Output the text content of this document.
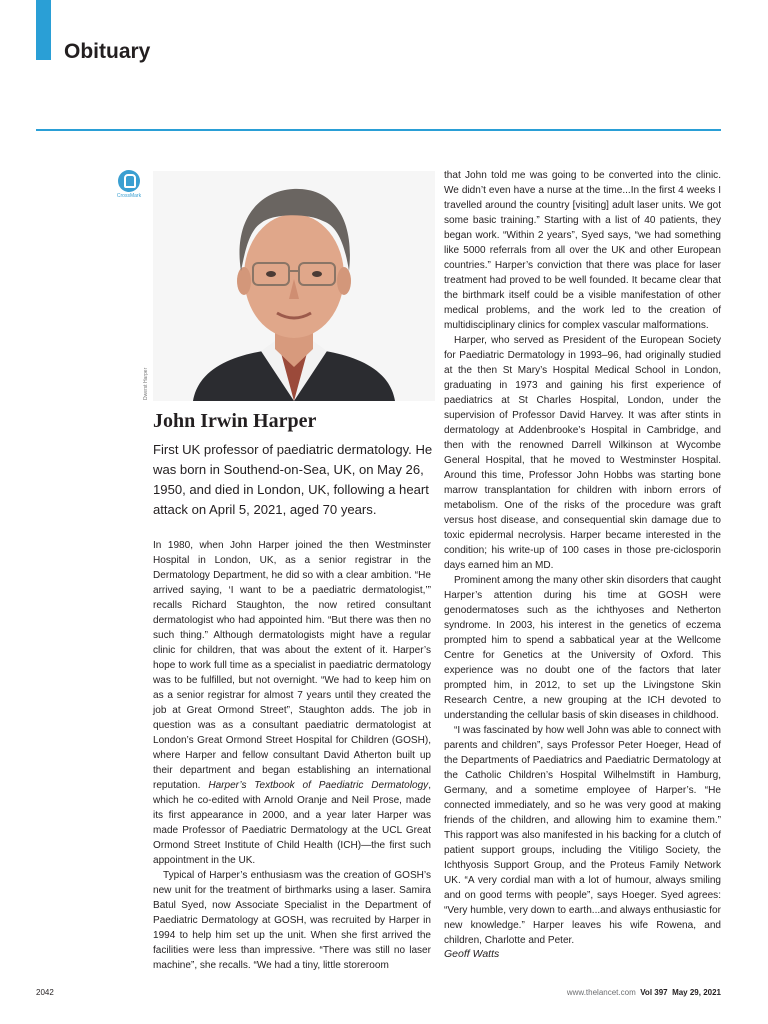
Obituary
CrossMark
Dwerst Harper
John Irwin Harper

First UK professor of paediatric dermatology. He was born in Southend-on-Sea, UK, on May 26, 1950, and died in London, UK, following a heart attack on April 5, 2021, aged 70 years.

In 1980, when John Harper joined the then Westminster Hospital in London, UK, as a senior registrar in the Dermatology Department, he did so with a clear ambition. “He arrived saying, ‘I want to be a paediatric dermatologist,’” recalls Richard Staughton, the now retired consultant dermatologist who had appointed him. “But there was then no such thing.” Although dermatologists might have a regular clinic for children, that was about the extent of it. Harper’s hope to work full time as a specialist in paediatric dermatology was to be fulfilled, but not overnight. “We had to keep him on as a senior registrar for almost 7 years until they created the job at Great Ormond Street”, Staughton adds. The job in question was as a consultant paediatric dermatologist at London’s Great Ormond Street Hospital for Children (GOSH), where Harper and fellow consultant David Atherton built up their department and began establishing an international reputation. Harper’s Textbook of Paediatric Dermatology, which he co-edited with Arnold Oranje and Neil Prose, made its first appearance in 2000, and a year later Harper was made Professor of Paediatric Dermatology at the UCL Great Ormond Street Institute of Child Health (ICH)—the first such appointment in the UK.

Typical of Harper’s enthusiasm was the creation of GOSH’s new unit for the treatment of birthmarks using a laser. Samira Batul Syed, now Associate Specialist in the Department of Paediatric Dermatology at GOSH, was recruited by Harper in 1994 to help him set up the unit. When she first arrived the facilities were less than impressive. “There was still no laser machine”, she recalls. “We had a tiny, little storeroom

that John told me was going to be converted into the clinic. We didn’t even have a nurse at the time...In the first 4 weeks I travelled around the country [visiting] adult laser units. We got some basic training.” Starting with a list of 40 patients, they began work. “Within 2 years”, Syed says, “we had something like 5000 referrals from all over the UK and other European countries.” Harper’s conviction that there was place for laser treatment had proved to be well founded. It became clear that the birthmark itself could be a visible manifestation of other medical problems, and the work led to the creation of multidisciplinary clinics for complex vascular malformations.

Harper, who served as President of the European Society for Paediatric Dermatology in 1993–96, had originally studied at the then St Mary’s Hospital Medical School in London, graduating in 1973 and gaining his first experience of paediatrics at St Charles Hospital, London, under the supervision of Professor David Harvey. It was after stints in dermatology at Addenbrooke’s Hospital in Cambridge, and then with the renowned Darrell Wilkinson at Wycombe General Hospital, that he moved to Westminster Hospital. Around this time, Professor John Hobbs was starting bone marrow transplantation for children with inborn errors of metabolism. One of the risks of the procedure was graft versus host disease, and consequential skin damage due to toxic epidermal necrolysis. Harper became interested in the condition; his write-up of 100 cases in those pre-ciclosporin days earned him an MD.

Prominent among the many other skin disorders that caught Harper’s attention during his time at GOSH were genodermatoses such as the ichthyoses and Netherton syndrome. In 2003, his interest in the genetics of eczema prompted him to spend a sabbatical year at the Wellcome Centre for Genetics at the University of Oxford. This experience was no doubt one of the factors that later prompted him, in 2012, to set up the Livingstone Skin Research Centre, a new grouping at the ICH devoted to understanding the cellular basis of skin diseases in childhood.

“I was fascinated by how well John was able to connect with parents and children”, says Professor Peter Hoeger, Head of the Departments of Paediatrics and Paediatric Dermatology at the Catholic Children’s Hospital Wilhelmstift in Hamburg, Germany, and a sometime employee of Harper’s. “He connected immediately, and so he was very good at making friends of the children, and allowing him to examine them.” This rapport was also manifested in his backing for a clutch of patient support groups, including the Vitiligo Society, the Ichthyosis Support Group, and the Proteus Family Network UK. “A very cordial man with a lot of humour, always smiling and on good terms with people”, says Hoeger. Syed agrees: “Very humble, very down to earth...and always enthusiastic for new knowledge.” Harper leaves his wife Rowena, and children, Charlotte and Peter.

Geoff Watts

2042	www.thelancet.com Vol 397 May 29, 2021
